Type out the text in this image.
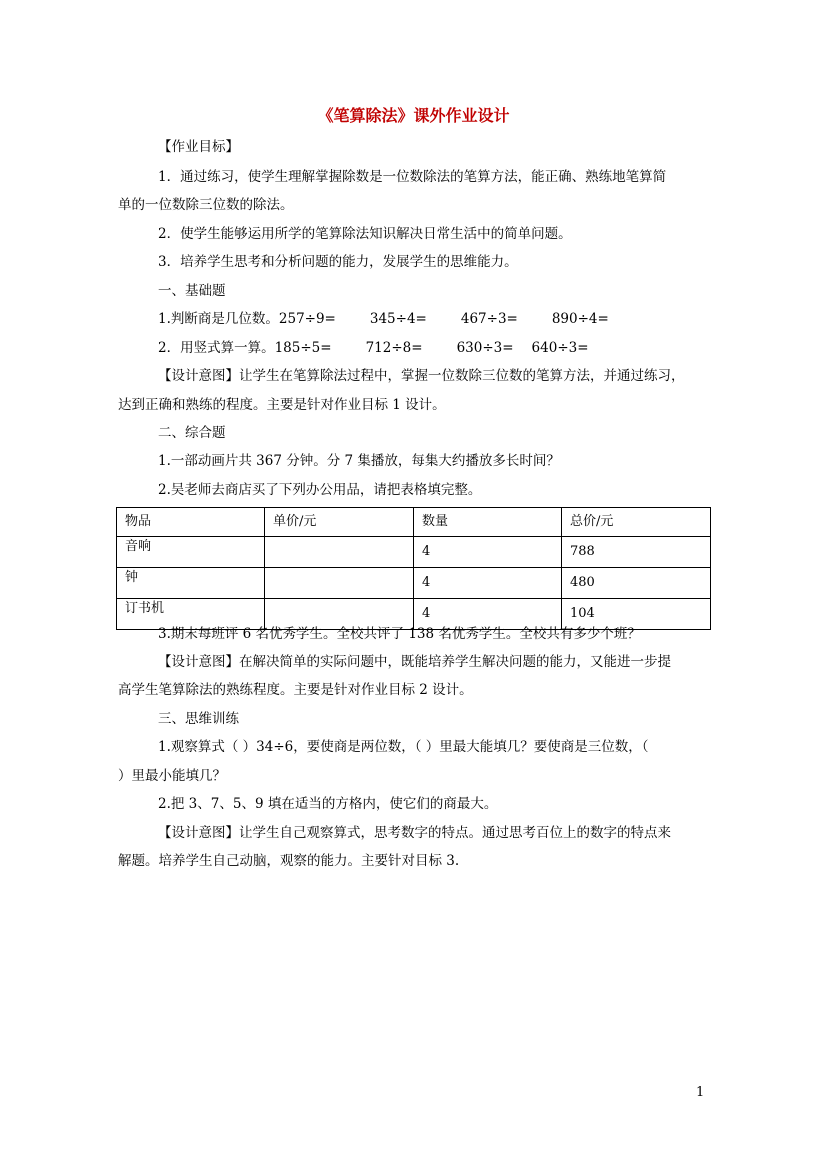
《笔算除法》课外作业设计
【作业目标】
1．通过练习，使学生理解掌握除数是一位数除法的笔算方法，能正确、熟练地笔算简
单的一位数除三位数的除法。
2．使学生能够运用所学的笔算除法知识解决日常生活中的简单问题。
3．培养学生思考和分析问题的能力，发展学生的思维能力。
一、基础题
1.判断商是几位数。257÷9=	345÷4=	467÷3=	890÷4=
2．用竖式算一算。185÷5=	712÷8=	630÷3= 640÷3=
【设计意图】让学生在笔算除法过程中，掌握一位数除三位数的笔算方法，并通过练习，
达到正确和熟练的程度。主要是针对作业目标 1 设计。
二、综合题
1.一部动画片共 367 分钟。分 7 集播放，每集大约播放多长时间？
2.吴老师去商店买了下列办公用品，请把表格填完整。
物品	单价/元	数量	总价/元
音响		4	788
钟		4	480
订书机		4	104
3.期末每班评 6 名优秀学生。全校共评了 138 名优秀学生。全校共有多少个班？
【设计意图】在解决简单的实际问题中，既能培养学生解决问题的能力，又能进一步提
高学生笔算除法的熟练程度。主要是针对作业目标 2 设计。
三、思维训练
1.观察算式（ ）34÷6，要使商是两位数，（ ）里最大能填几？要使商是三位数，（
）里最小能填几？
2.把 3、7、5、9 填在适当的方格内，使它们的商最大。
【设计意图】让学生自己观察算式，思考数字的特点。通过思考百位上的数字的特点来
解题。培养学生自己动脑，观察的能力。主要针对目标 3.
1
